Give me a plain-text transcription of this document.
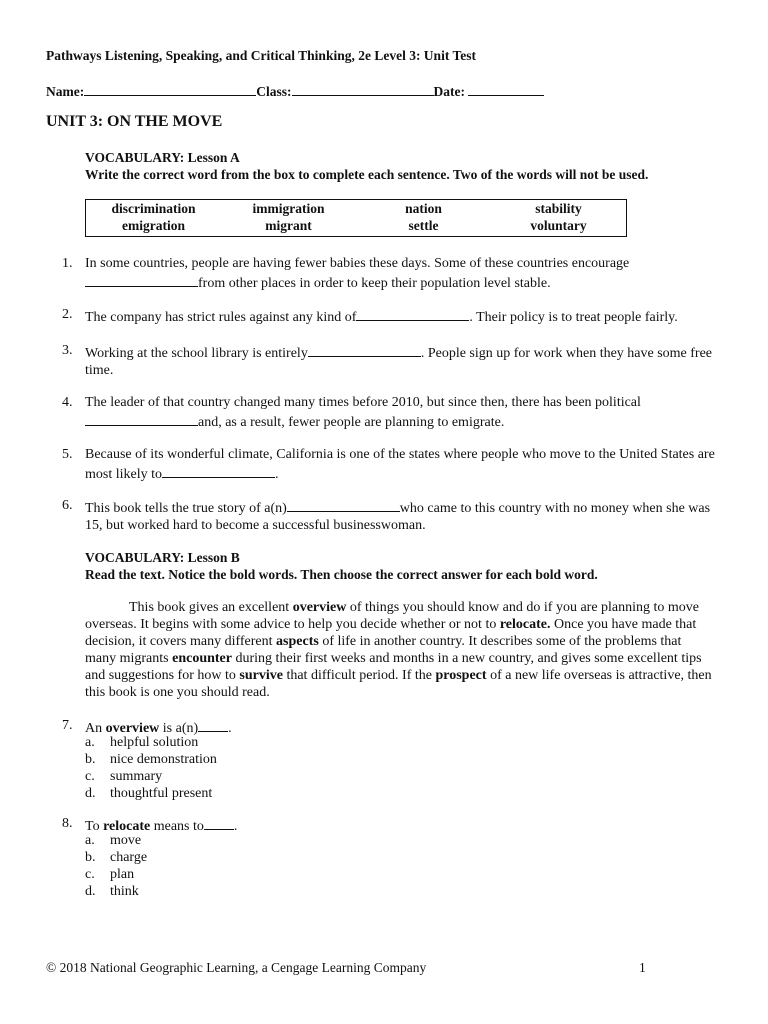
Pathways Listening, Speaking, and Critical Thinking, 2e Level 3: Unit Test
Name:	Class:	Date:
UNIT 3: ON THE MOVE
VOCABULARY: Lesson A
Write the correct word from the box to complete each sentence. Two of the words will not be used.
discrimination	immigration	nation	stability
emigration	migrant	settle	voluntary
1. In some countries, people are having fewer babies these days. Some of these countries encourage
from other places in order to keep their population level stable.
2. The company has strict rules against any kind of	. Their policy is to treat people fairly.
3. Working at the school library is entirely	. People sign up for work when they have some free time.
4. The leader of that country changed many times before 2010, but since then, there has been political
and, as a result, fewer people are planning to emigrate.
5. Because of its wonderful climate, California is one of the states where people who move to the United States are most likely to	.
6. This book tells the true story of a(n)	who came to this country with no money when she was 15, but worked hard to become a successful businesswoman.
VOCABULARY: Lesson B
Read the text. Notice the bold words. Then choose the correct answer for each bold word.
This book gives an excellent overview of things you should know and do if you are planning to move overseas. It begins with some advice to help you decide whether or not to relocate. Once you have made that decision, it covers many different aspects of life in another country. It describes some of the problems that many migrants encounter during their first weeks and months in a new country, and gives some excellent tips and suggestions for how to survive that difficult period. If the prospect of a new life overseas is attractive, then this book is one you should read.
7. An overview is a(n) .
a. helpful solution
b. nice demonstration
c. summary
d. thoughtful present
8. To relocate means to .
a. move
b. charge
c. plan
d. think
© 2018 National Geographic Learning, a Cengage Learning Company	1
